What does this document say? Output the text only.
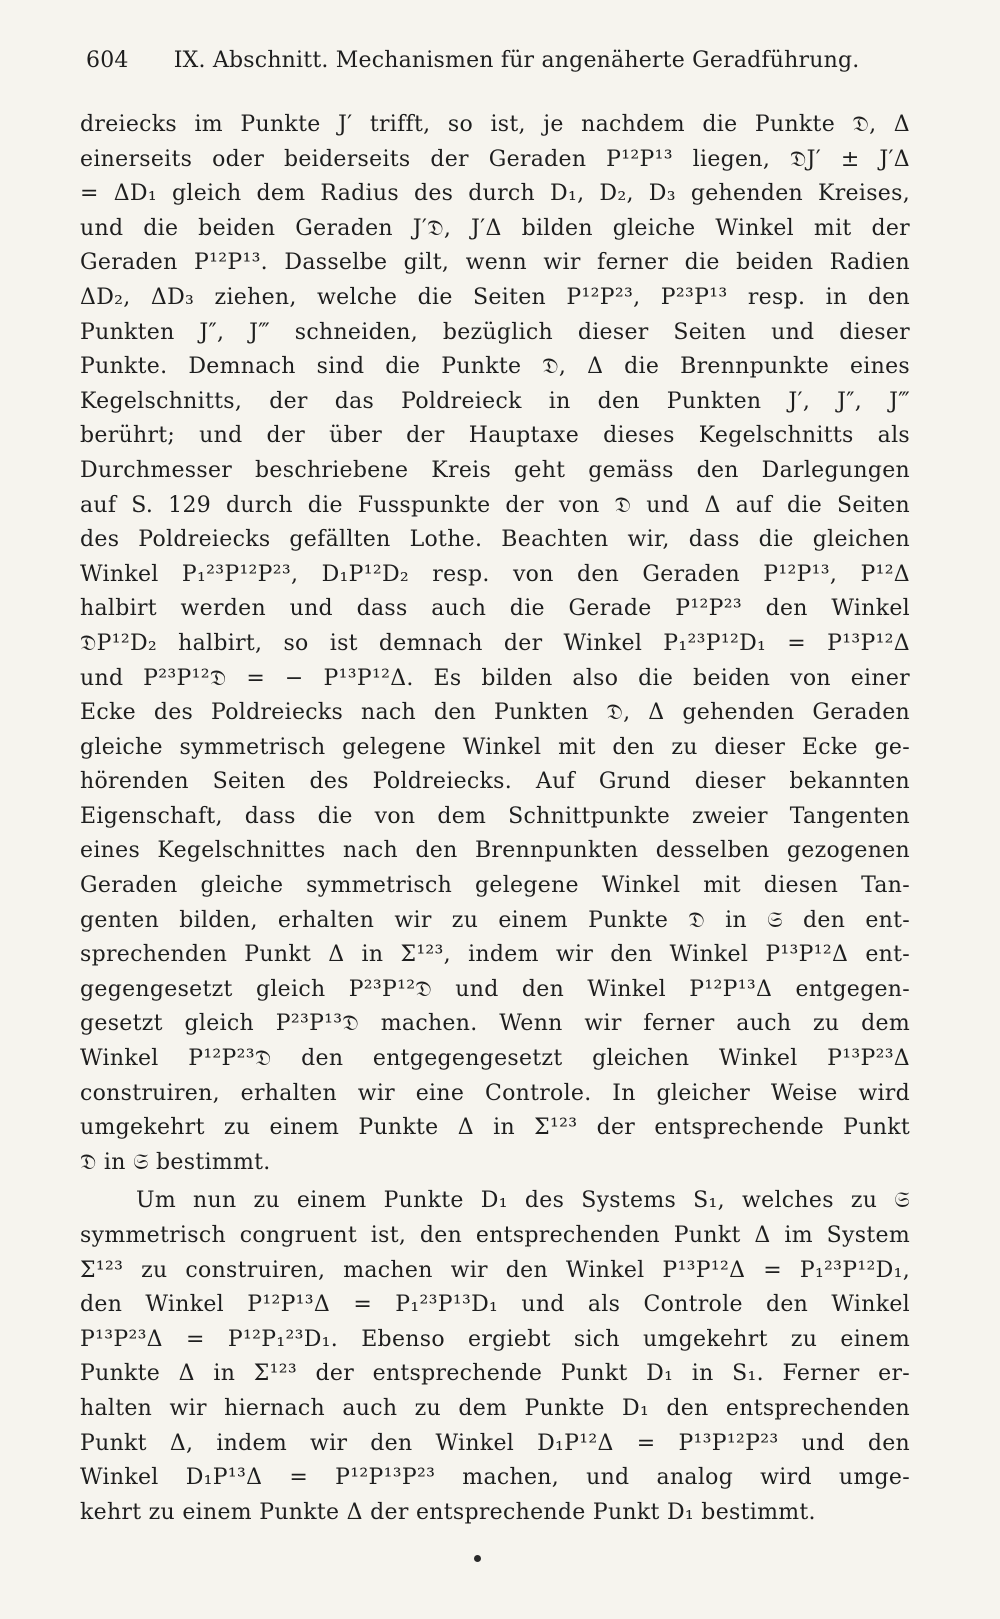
604 IX. Abschnitt. Mechanismen für angenäherte Geradführung.

dreiecks im Punkte J′ trifft, so ist, je nachdem die Punkte 𝔇, Δ

einerseits oder beiderseits der Geraden P¹²P¹³ liegen, 𝔇J′ ± J′Δ

= ΔD₁ gleich dem Radius des durch D₁, D₂, D₃ gehenden Kreises,

und die beiden Geraden J′𝔇, J′Δ bilden gleiche Winkel mit der

Geraden P¹²P¹³. Dasselbe gilt, wenn wir ferner die beiden Radien

ΔD₂, ΔD₃ ziehen, welche die Seiten P¹²P²³, P²³P¹³ resp. in den

Punkten J″, J‴ schneiden, bezüglich dieser Seiten und dieser

Punkte. Demnach sind die Punkte 𝔇, Δ die Brennpunkte eines

Kegelschnitts, der das Poldreieck in den Punkten J′, J″, J‴

berührt; und der über der Hauptaxe dieses Kegelschnitts als

Durchmesser beschriebene Kreis geht gemäss den Darlegungen

auf S. 129 durch die Fusspunkte der von 𝔇 und Δ auf die Seiten

des Poldreiecks gefällten Lothe. Beachten wir, dass die gleichen

Winkel P₁²³P¹²P²³, D₁P¹²D₂ resp. von den Geraden P¹²P¹³, P¹²Δ

halbirt werden und dass auch die Gerade P¹²P²³ den Winkel

𝔇P¹²D₂ halbirt, so ist demnach der Winkel P₁²³P¹²D₁ = P¹³P¹²Δ

und P²³P¹²𝔇 = − P¹³P¹²Δ. Es bilden also die beiden von einer

Ecke des Poldreiecks nach den Punkten 𝔇, Δ gehenden Geraden

gleiche symmetrisch gelegene Winkel mit den zu dieser Ecke ge-

hörenden Seiten des Poldreiecks. Auf Grund dieser bekannten

Eigenschaft, dass die von dem Schnittpunkte zweier Tangenten

eines Kegelschnittes nach den Brennpunkten desselben gezogenen

Geraden gleiche symmetrisch gelegene Winkel mit diesen Tan-

genten bilden, erhalten wir zu einem Punkte 𝔇 in 𝔖 den ent-

sprechenden Punkt Δ in Σ¹²³, indem wir den Winkel P¹³P¹²Δ ent-

gegengesetzt gleich P²³P¹²𝔇 und den Winkel P¹²P¹³Δ entgegen-

gesetzt gleich P²³P¹³𝔇 machen. Wenn wir ferner auch zu dem

Winkel P¹²P²³𝔇 den entgegengesetzt gleichen Winkel P¹³P²³Δ

construiren, erhalten wir eine Controle. In gleicher Weise wird

umgekehrt zu einem Punkte Δ in Σ¹²³ der entsprechende Punkt

𝔇 in 𝔖 bestimmt.

Um nun zu einem Punkte D₁ des Systems S₁, welches zu 𝔖

symmetrisch congruent ist, den entsprechenden Punkt Δ im System

Σ¹²³ zu construiren, machen wir den Winkel P¹³P¹²Δ = P₁²³P¹²D₁,

den Winkel P¹²P¹³Δ = P₁²³P¹³D₁ und als Controle den Winkel

P¹³P²³Δ = P¹²P₁²³D₁. Ebenso ergiebt sich umgekehrt zu einem

Punkte Δ in Σ¹²³ der entsprechende Punkt D₁ in S₁. Ferner er-

halten wir hiernach auch zu dem Punkte D₁ den entsprechenden

Punkt Δ, indem wir den Winkel D₁P¹²Δ = P¹³P¹²P²³ und den

Winkel D₁P¹³Δ = P¹²P¹³P²³ machen, und analog wird umge-

kehrt zu einem Punkte Δ der entsprechende Punkt D₁ bestimmt.
